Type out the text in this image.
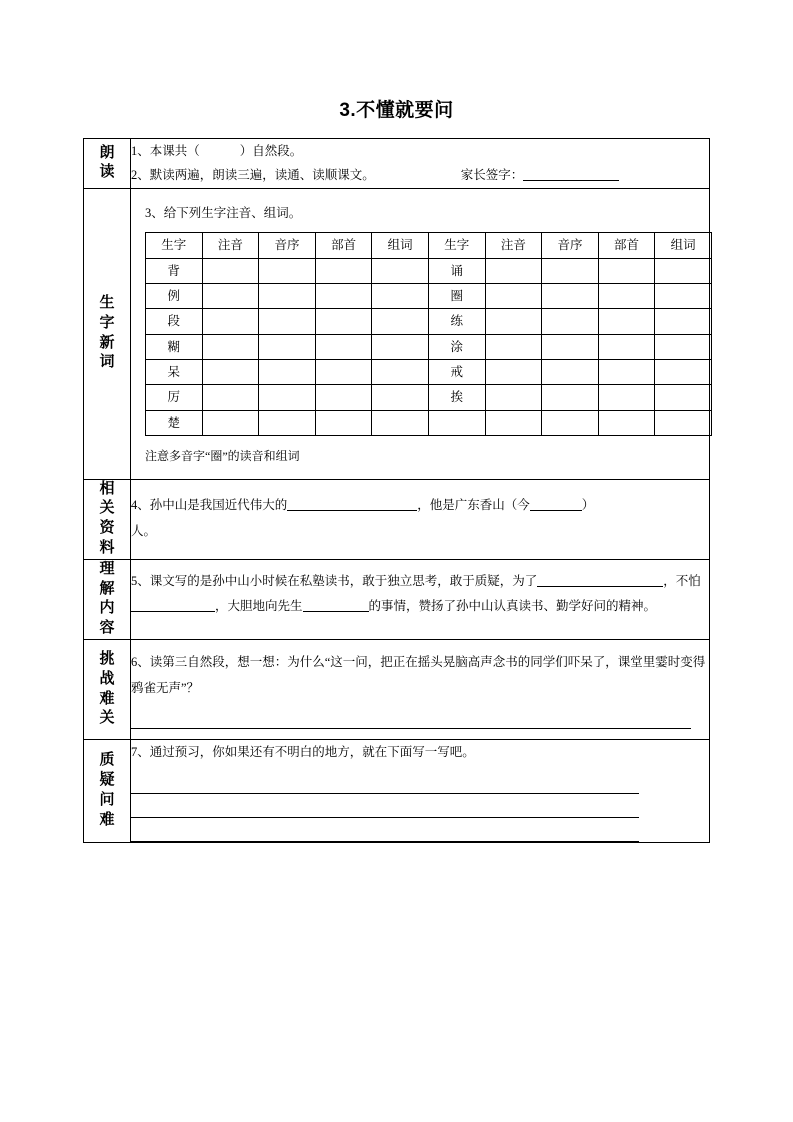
3.不懂就要问
朗
读

1、本课共（	）自然段。
2、默读两遍，朗读三遍，读通、读顺课文。	家长签字：

生
字
新
词

3、给下列生字注音、组词。
生字	注音	音序	部首	组词	生字	注音	音序	部首	组词
背					诵				
例					圈				
段					练				
糊					涂				
呆					戒				
厉					挨				
楚									
注意多音字“圈”的读音和组词

相
关
资
料

4、孙中山是我国近代伟大的	，他是广东香山（今	）
人。

理
解
内
容

5、课文写的是孙中山小时候在私塾读书，敢于独立思考，敢于质疑，为了	，不怕，大胆地向先生	的事情，赞扬了孙中山认真读书、勤学好问的精神。

挑
战
难
关

6、读第三自然段，想一想：为什么“这一问，把正在摇头晃脑高声念书的同学们吓呆了，课堂里霎时变得鸦雀无声”？

质
疑
问
难

7、通过预习，你如果还有不明白的地方，就在下面写一写吧。
